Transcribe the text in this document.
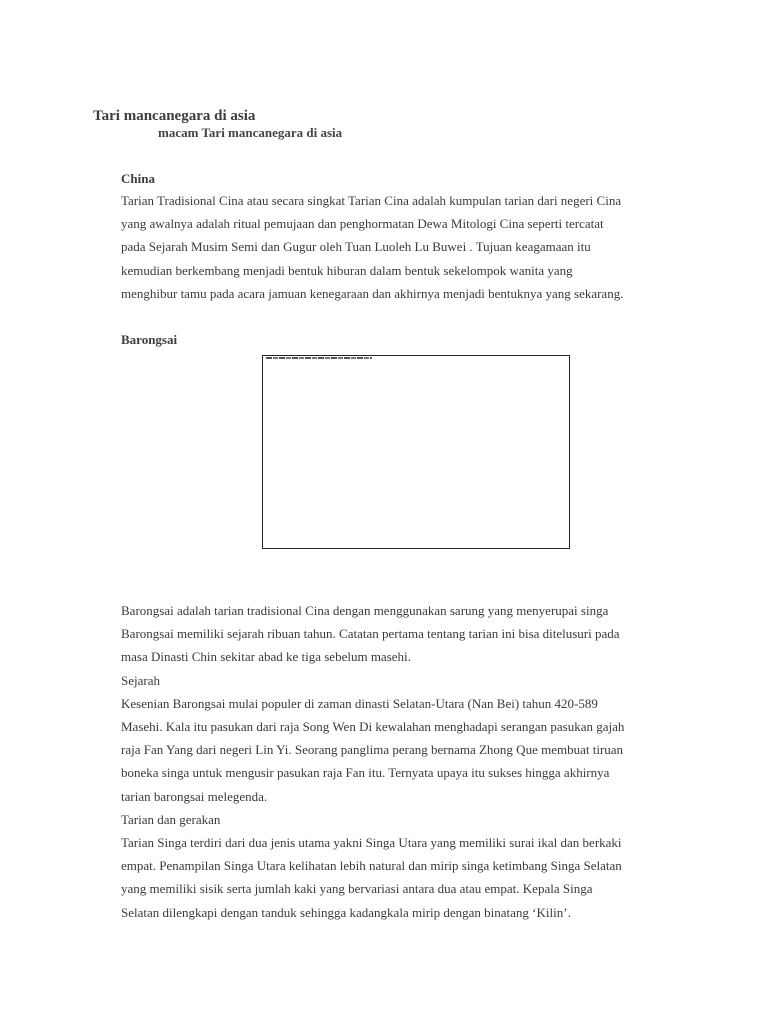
Tari mancanegara di asia
macam Tari mancanegara di asia
China

Tarian Tradisional Cina atau secara singkat Tarian Cina adalah kumpulan tarian dari negeri Cina
yang awalnya adalah ritual pemujaan dan penghormatan Dewa Mitologi Cina seperti tercatat
pada Sejarah Musim Semi dan Gugur oleh Tuan Luoleh Lu Buwei . Tujuan keagamaan itu
kemudian berkembang menjadi bentuk hiburan dalam bentuk sekelompok wanita yang
menghibur tamu pada acara jamuan kenegaraan dan akhirnya menjadi bentuknya yang sekarang.

Barongsai

Barongsai adalah tarian tradisional Cina dengan menggunakan sarung yang menyerupai singa
Barongsai memiliki sejarah ribuan tahun. Catatan pertama tentang tarian ini bisa ditelusuri pada
masa Dinasti Chin sekitar abad ke tiga sebelum masehi.
Sejarah
Kesenian Barongsai mulai populer di zaman dinasti Selatan-Utara (Nan Bei) tahun 420-589
Masehi. Kala itu pasukan dari raja Song Wen Di kewalahan menghadapi serangan pasukan gajah
raja Fan Yang dari negeri Lin Yi. Seorang panglima perang bernama Zhong Que membuat tiruan
boneka singa untuk mengusir pasukan raja Fan itu. Ternyata upaya itu sukses hingga akhirnya
tarian barongsai melegenda.
Tarian dan gerakan
Tarian Singa terdiri dari dua jenis utama yakni Singa Utara yang memiliki surai ikal dan berkaki
empat. Penampilan Singa Utara kelihatan lebih natural dan mirip singa ketimbang Singa Selatan
yang memiliki sisik serta jumlah kaki yang bervariasi antara dua atau empat. Kepala Singa
Selatan dilengkapi dengan tanduk sehingga kadangkala mirip dengan binatang ‘Kilin’.
